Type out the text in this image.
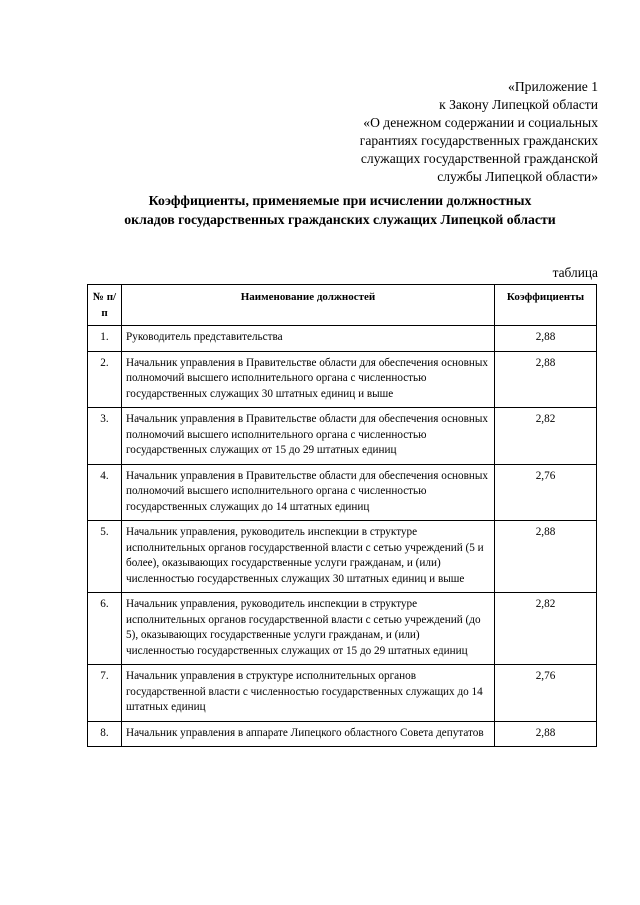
«Приложение 1
к Закону Липецкой области
«О денежном содержании и социальных
гарантиях государственных гражданских
служащих государственной гражданской
службы Липецкой области»
Коэффициенты, применяемые при исчислении должностных
окладов государственных гражданских служащих Липецкой области
таблица
№ п/п	Наименование должностей	Коэффициенты
1.	Руководитель представительства	2,88
2.	Начальник управления в Правительстве области для обеспечения основных полномочий высшего исполнительного органа с численностью государственных служащих 30 штатных единиц и выше	2,88
3.	Начальник управления в Правительстве области для обеспечения основных полномочий высшего исполнительного органа с численностью государственных служащих от 15 до 29 штатных единиц	2,82
4.	Начальник управления в Правительстве области для обеспечения основных полномочий высшего исполнительного органа с численностью государственных служащих до 14 штатных единиц	2,76
5.	Начальник управления, руководитель инспекции в структуре исполнительных органов государственной власти с сетью учреждений (5 и более), оказывающих государственные услуги гражданам, и (или) численностью государственных служащих 30 штатных единиц и выше	2,88
6.	Начальник управления, руководитель инспекции в структуре исполнительных органов государственной власти с сетью учреждений (до 5), оказывающих государственные услуги гражданам, и (или) численностью государственных служащих от 15 до 29 штатных единиц	2,82
7.	Начальник управления в структуре исполнительных органов государственной власти с численностью государственных служащих до 14 штатных единиц	2,76
8.	Начальник управления в аппарате Липецкого областного Совета депутатов	2,88
